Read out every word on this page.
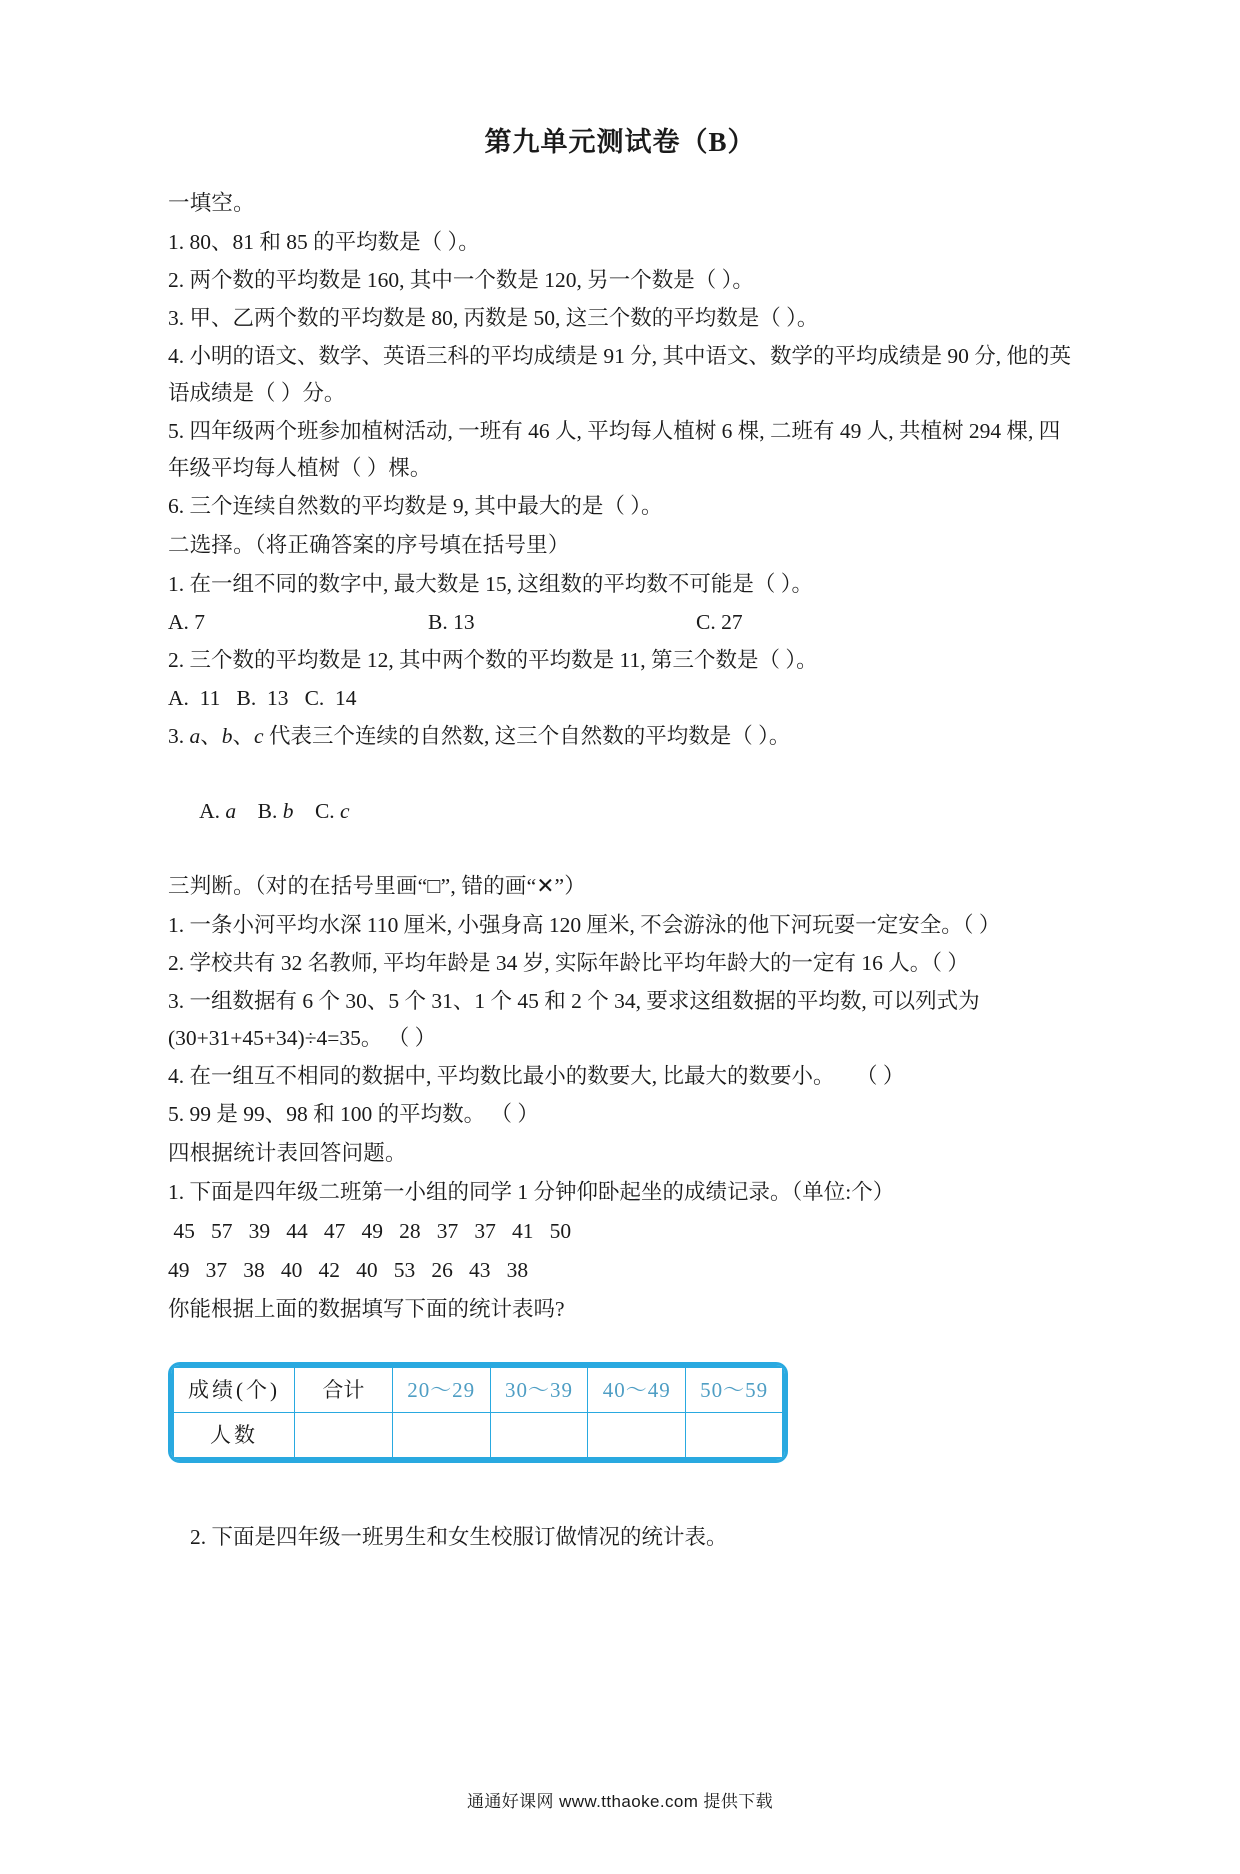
第九单元测试卷（B）
一填空。
1. 80、81 和 85 的平均数是（ ）。
2. 两个数的平均数是 160, 其中一个数是 120, 另一个数是（ ）。
3. 甲、乙两个数的平均数是 80, 丙数是 50, 这三个数的平均数是（ ）。
4. 小明的语文、数学、英语三科的平均成绩是 91 分, 其中语文、数学的平均成绩是 90 分, 他的英语成绩是（ ）分。
5. 四年级两个班参加植树活动, 一班有 46 人, 平均每人植树 6 棵, 二班有 49 人, 共植树 294 棵, 四年级平均每人植树（ ）棵。
6. 三个连续自然数的平均数是 9, 其中最大的是（ ）。
二选择。（将正确答案的序号填在括号里）
1. 在一组不同的数字中, 最大数是 15, 这组数的平均数不可能是（ ）。
A. 7	B. 13	C. 27
2. 三个数的平均数是 12, 其中两个数的平均数是 11, 第三个数是（ ）。
A.  11   B.  13   C.  14
3. a、b、c 代表三个连续的自然数, 这三个自然数的平均数是（ ）。

A. a    B. b    C. c

三判断。（对的在括号里画“□”, 错的画“✕”）
1. 一条小河平均水深 110 厘米, 小强身高 120 厘米, 不会游泳的他下河玩耍一定安全。（ ）
2. 学校共有 32 名教师, 平均年龄是 34 岁, 实际年龄比平均年龄大的一定有 16 人。（ ）
3. 一组数据有 6 个 30、5 个 31、1 个 45 和 2 个 34, 要求这组数据的平均数, 可以列式为 (30+31+45+34)÷4=35。 （ ）
4. 在一组互不相同的数据中, 平均数比最小的数要大, 比最大的数要小。　　（ ）
5. 99 是 99、98 和 100 的平均数。 （ ）
四根据统计表回答问题。
1. 下面是四年级二班第一小组的同学 1 分钟仰卧起坐的成绩记录。（单位:个）
45   57   39   44   47   49   28   37   37   41   50
49   37   38   40   42   40   53   26   43   38
你能根据上面的数据填写下面的统计表吗?
成绩(个)	合计	20～29	30～39	40～49	50～59
人数					
2. 下面是四年级一班男生和女生校服订做情况的统计表。
通通好课网 www.tthaoke.com 提供下载
